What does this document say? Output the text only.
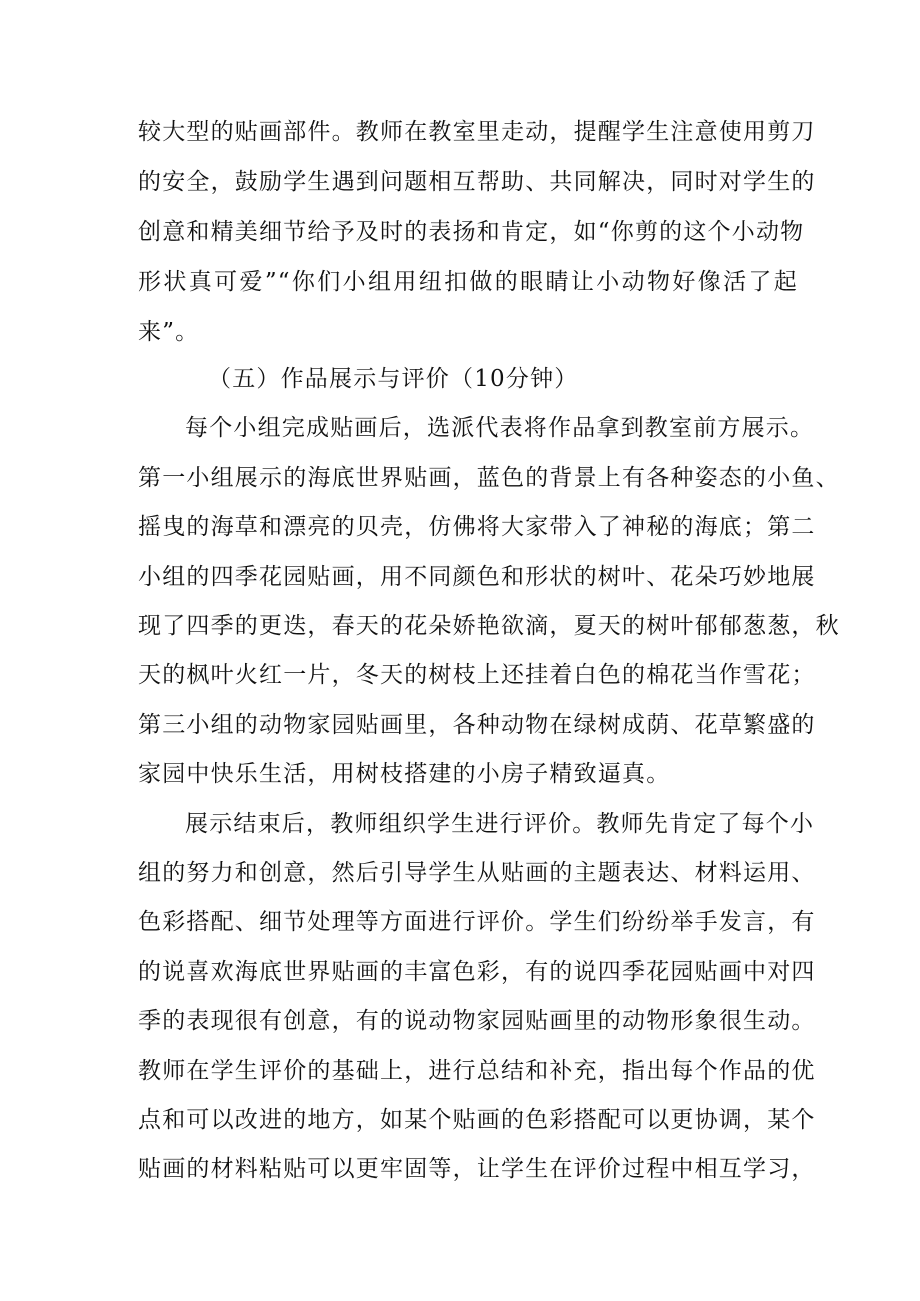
较大型的贴画部件。教师在教室里走动，提醒学生注意使用剪刀
的安全，鼓励学生遇到问题相互帮助、共同解决，同时对学生的
创意和精美细节给予及时的表扬和肯定，如“你剪的这个小动物
形状真可爱”“你们小组用纽扣做的眼睛让小动物好像活了起
来”。
（五）作品展示与评价（10分钟）
每个小组完成贴画后，选派代表将作品拿到教室前方展示。
第一小组展示的海底世界贴画，蓝色的背景上有各种姿态的小鱼、
摇曳的海草和漂亮的贝壳，仿佛将大家带入了神秘的海底；第二
小组的四季花园贴画，用不同颜色和形状的树叶、花朵巧妙地展
现了四季的更迭，春天的花朵娇艳欲滴，夏天的树叶郁郁葱葱，秋
天的枫叶火红一片，冬天的树枝上还挂着白色的棉花当作雪花；
第三小组的动物家园贴画里，各种动物在绿树成荫、花草繁盛的
家园中快乐生活，用树枝搭建的小房子精致逼真。
展示结束后，教师组织学生进行评价。教师先肯定了每个小
组的努力和创意，然后引导学生从贴画的主题表达、材料运用、
色彩搭配、细节处理等方面进行评价。学生们纷纷举手发言，有
的说喜欢海底世界贴画的丰富色彩，有的说四季花园贴画中对四
季的表现很有创意，有的说动物家园贴画里的动物形象很生动。
教师在学生评价的基础上，进行总结和补充，指出每个作品的优
点和可以改进的地方，如某个贴画的色彩搭配可以更协调，某个
贴画的材料粘贴可以更牢固等，让学生在评价过程中相互学习，
